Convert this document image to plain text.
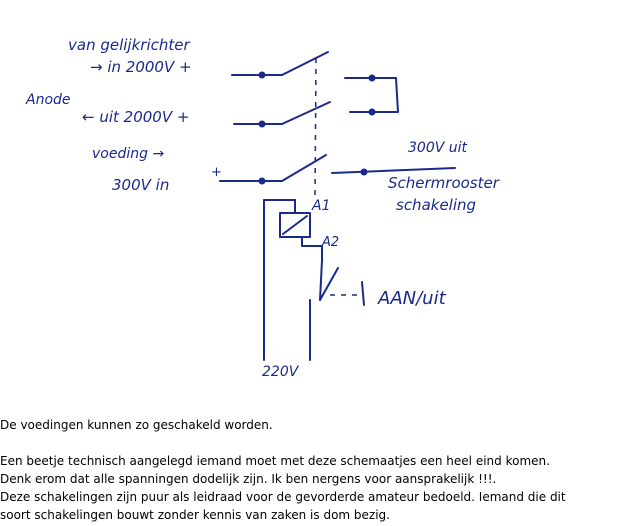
van gelijkrichter
→ in 2000V +
Anode
← uit 2000V +
voeding →
300V in
+
300V uit
Schermrooster
schakeling
A1
A2
AAN/uit
220V

De voedingen kunnen zo geschakeld worden.

Een beetje technisch aangelegd iemand moet met deze schemaatjes een heel eind komen.

Denk erom dat alle spanningen dodelijk zijn. Ik ben nergens voor aansprakelijk !!!.

Deze schakelingen zijn puur als leidraad voor de gevorderde amateur bedoeld. Iemand die dit

soort schakelingen bouwt zonder kennis van zaken is dom bezig.
